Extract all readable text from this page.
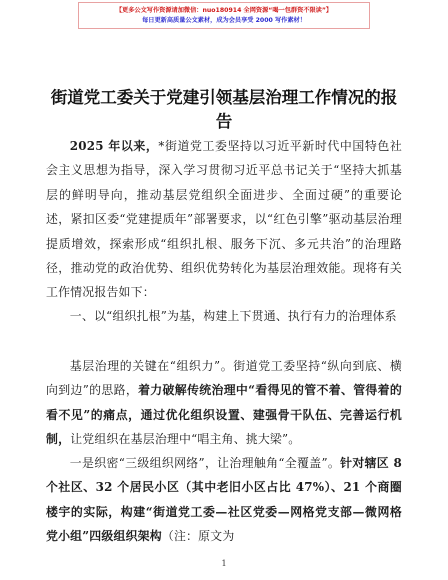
【更多公文写作资源请加微信：nuo180914 全网资源“喝一包群资不限读”】
每日更新高质量公文素材，成为会员享受 2000 写作素材！
街道党工委关于党建引领基层治理工作情况的报告
2025 年以来，*街道党工委坚持以习近平新时代中国特色社会主义思想为指导，深入学习贯彻习近平总书记关于“坚持大抓基层的鲜明导向，推动基层党组织全面进步、全面过硬”的重要论述，紧扣区委“党建提质年”部署要求，以“红色引擎”驱动基层治理提质增效，探索形成“组织扎根、服务下沉、多元共治”的治理路径，推动党的政治优势、组织优势转化为基层治理效能。现将有关工作情况报告如下：
一、以“组织扎根”为基，构建上下贯通、执行有力的治理体系
基层治理的关键在“组织力”。街道党工委坚持“纵向到底、横向到边”的思路，着力破解传统治理中“看得见的管不着、管得着的看不见”的痛点，通过优化组织设置、建强骨干队伍、完善运行机制，让党组织在基层治理中“唱主角、挑大梁”。
一是织密“三级组织网络”，让治理触角“全覆盖”。针对辖区 8 个社区、32 个居民小区（其中老旧小区占比 47%）、21 个商圈楼宇的实际，构建“街道党工委—社区党委—网格党支部—微网格党小组”四级组织架构（注：原文为
1
